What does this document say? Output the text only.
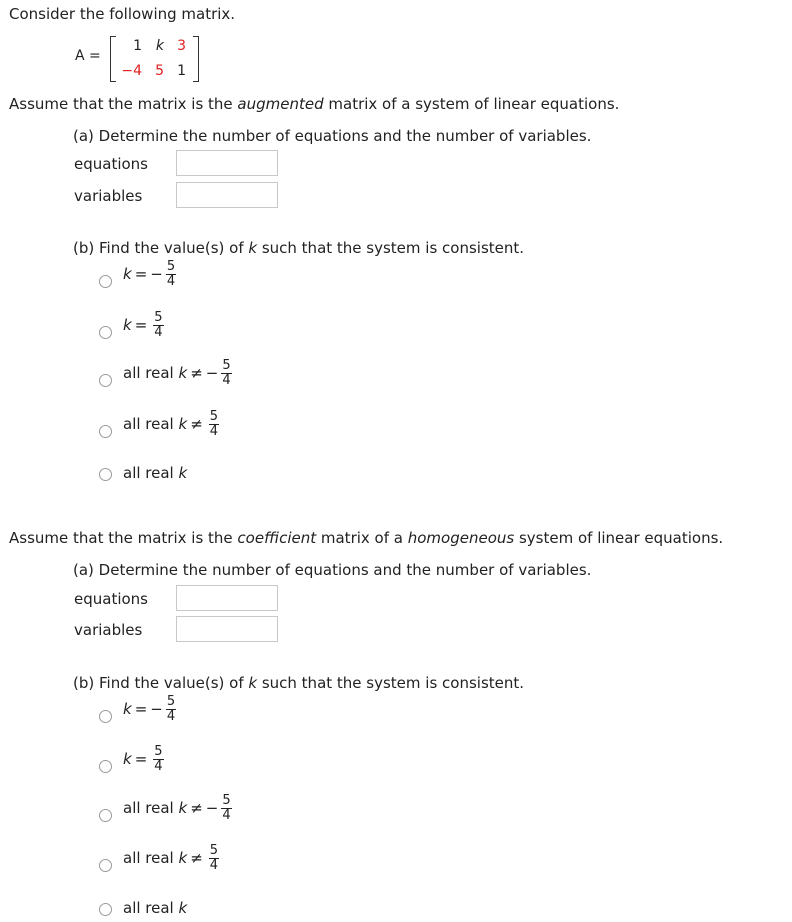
Consider the following matrix.
A =
1 k 3
−4 5 1
Assume that the matrix is the augmented matrix of a system of linear equations.
(a) Determine the number of equations and the number of variables.
equations
variables
(b) Find the value(s) of k such that the system is consistent.
k = − $\frac{5}{4}$
$k = \frac{5}{4}$
all real k ≠ − $\frac{5}{4}$
all real $k \ne \frac{5}{4}$
all real k
Assume that the matrix is the coefficient matrix of a homogeneous system of linear equations.
(a) Determine the number of equations and the number of variables.
equations
variables
(b) Find the value(s) of k such that the system is consistent.
k = − $\frac{5}{4}$
$k = \frac{5}{4}$
all real k ≠ − $\frac{5}{4}$
all real $k \ne \frac{5}{4}$
all real k
